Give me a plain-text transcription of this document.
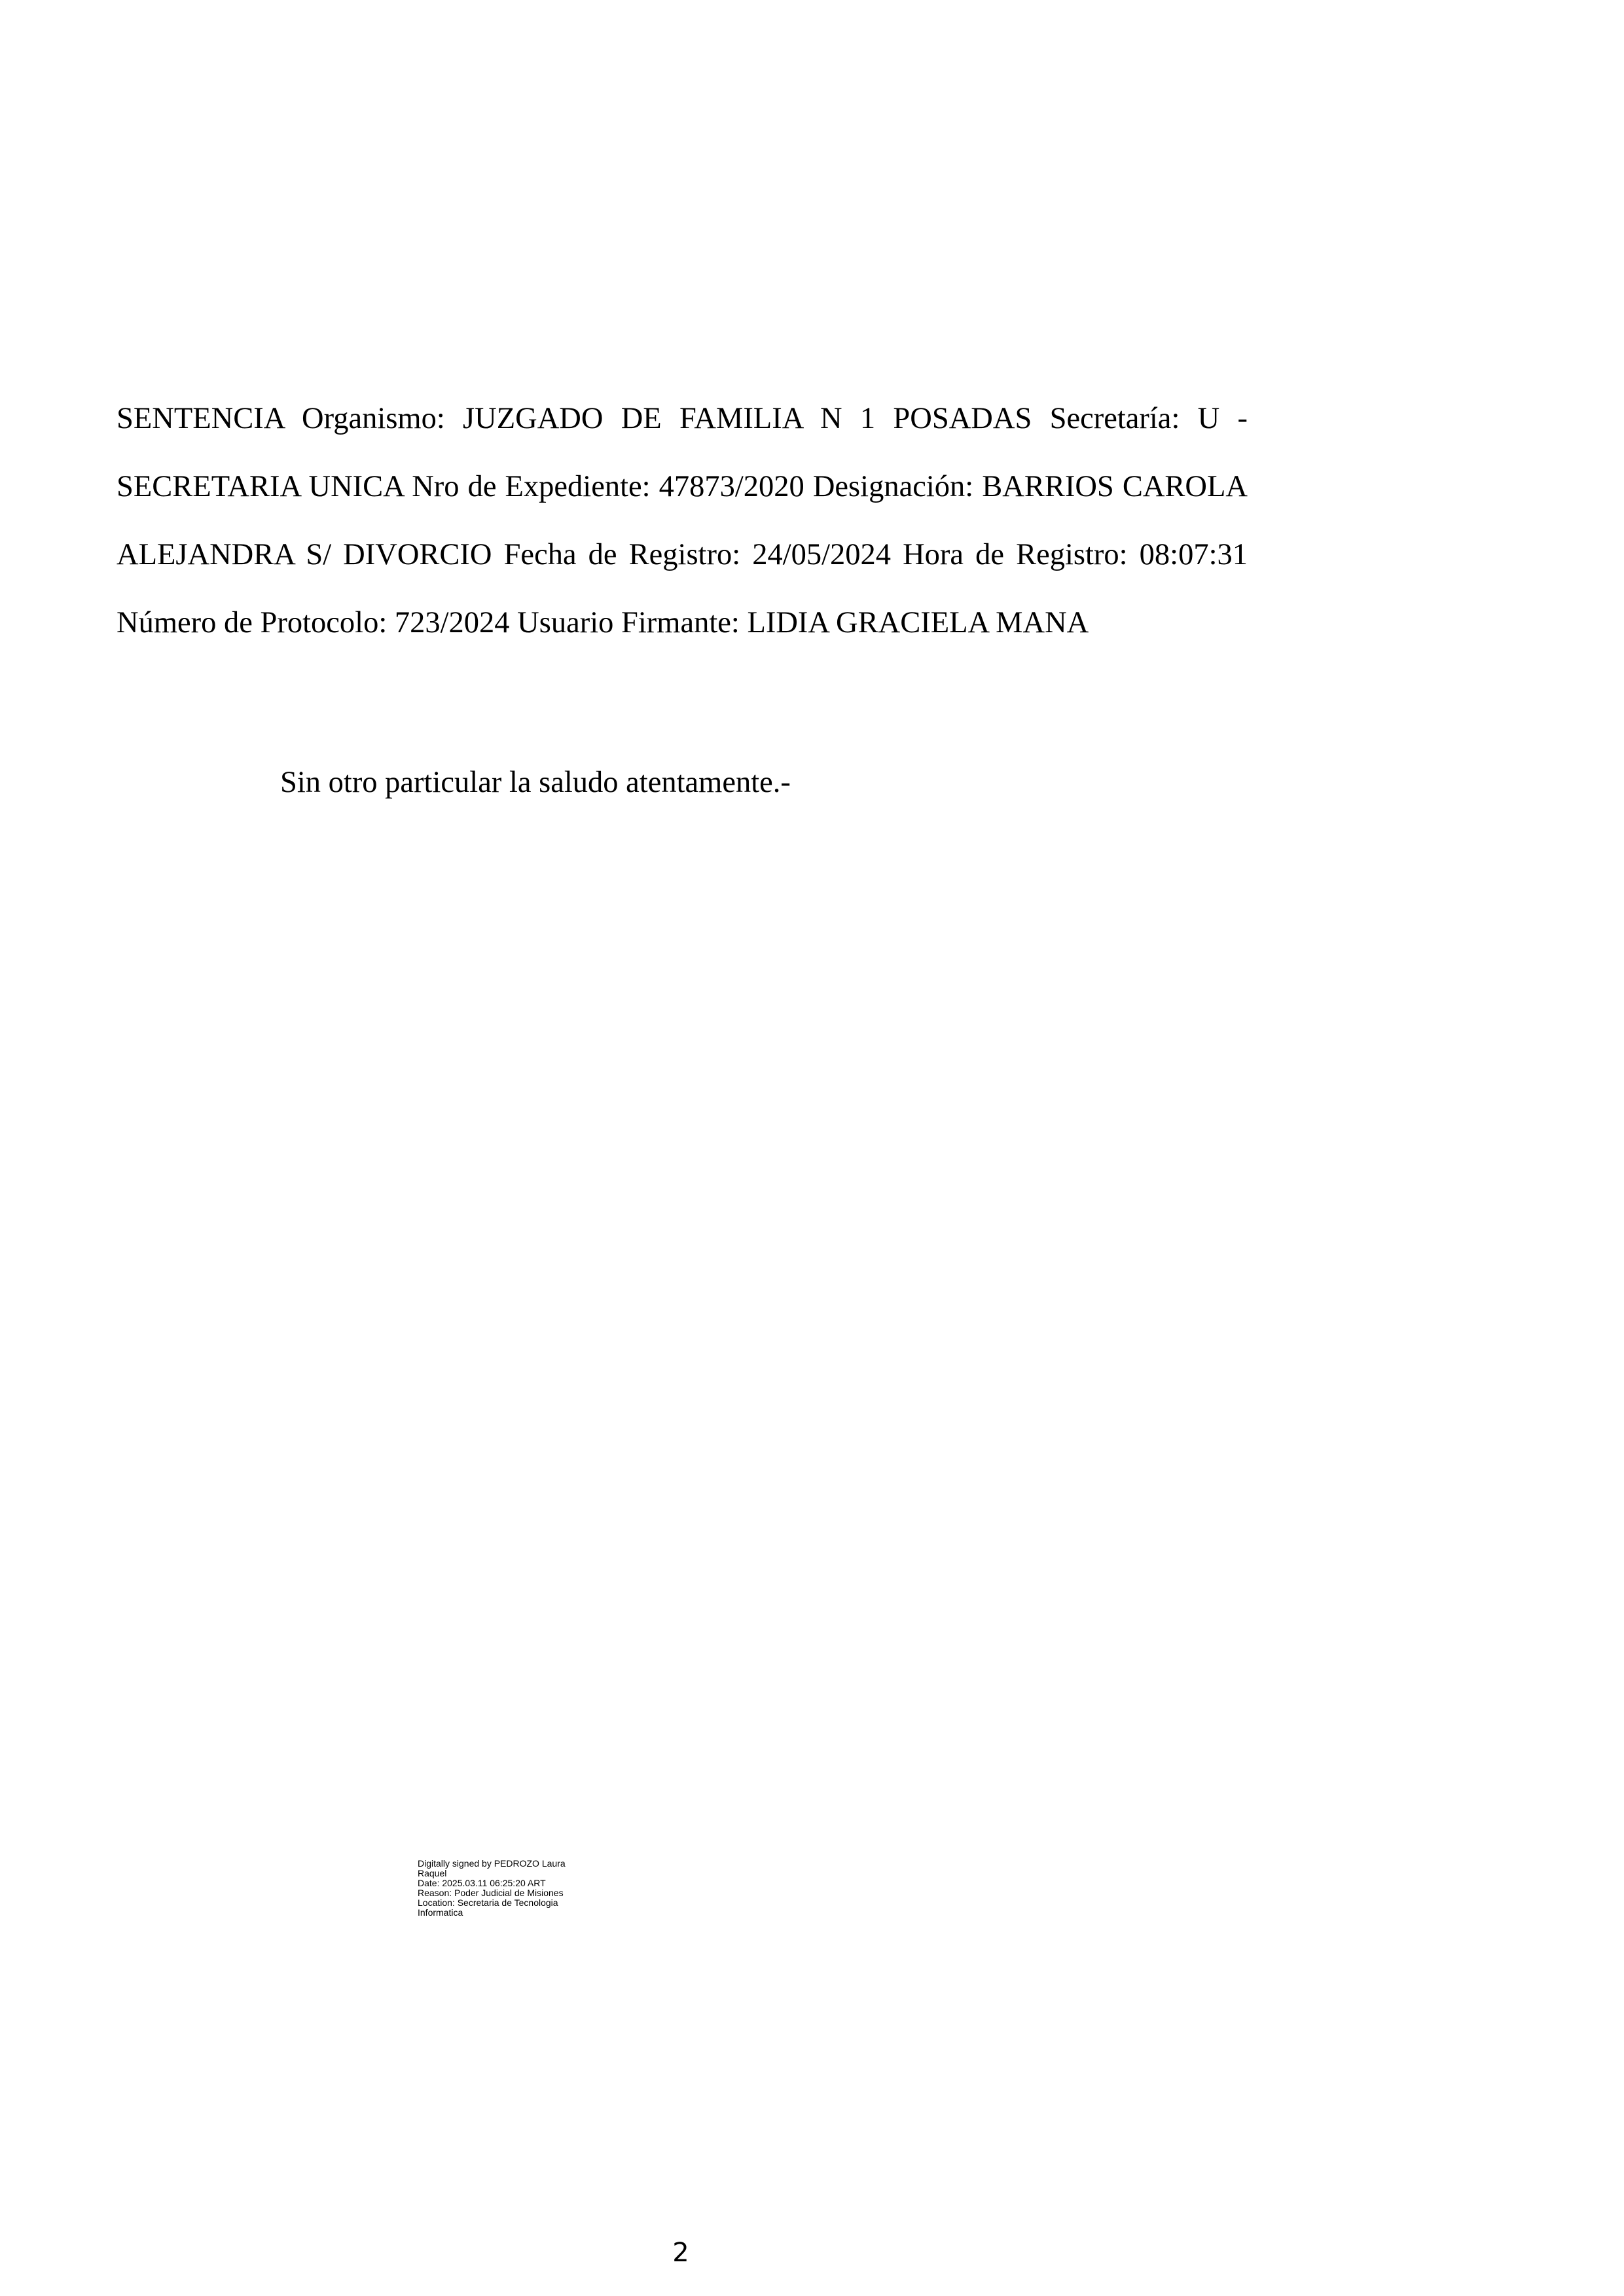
SENTENCIA Organismo: JUZGADO DE FAMILIA N 1 POSADAS Secretaría: U - SECRETARIA UNICA Nro de Expediente: 47873/2020 Designación: BARRIOS CAROLA ALEJANDRA S/ DIVORCIO Fecha de Registro: 24/05/2024 Hora de Registro: 08:07:31 Número de Protocolo: 723/2024 Usuario Firmante: LIDIA GRACIELA MANA

Sin otro particular la saludo atentamente.-

Digitally signed by PEDROZO Laura
Raquel
Date: 2025.03.11 06:25:20 ART
Reason: Poder Judicial de Misiones
Location: Secretaria de Tecnologia
Informatica

2
